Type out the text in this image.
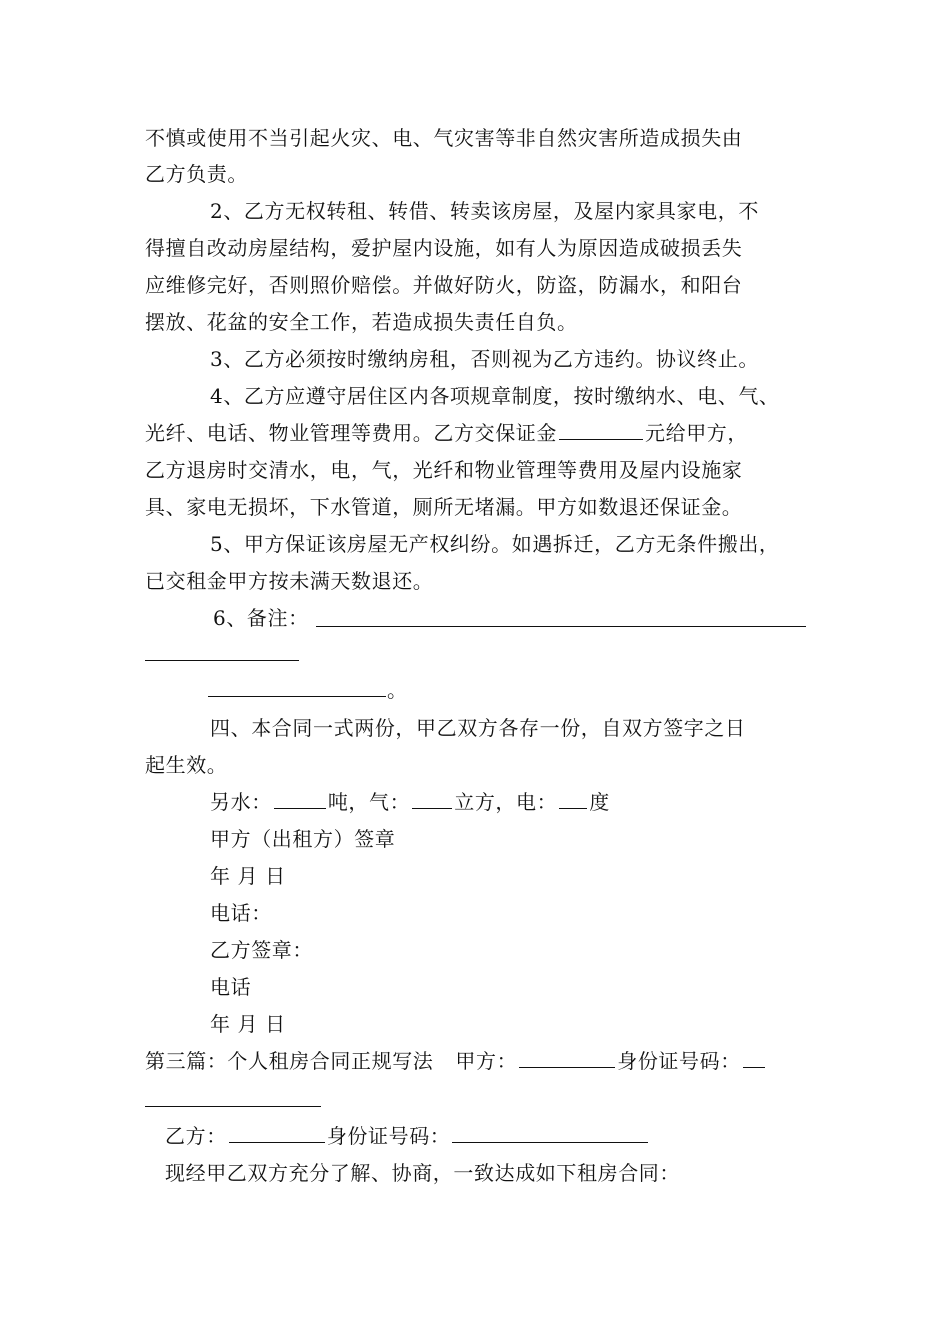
不慎或使用不当引起火灾、电、气灾害等非自然灾害所造成损失由
乙方负责。
2、乙方无权转租、转借、转卖该房屋，及屋内家具家电，不
得擅自改动房屋结构，爱护屋内设施，如有人为原因造成破损丢失
应维修完好，否则照价赔偿。并做好防火，防盗，防漏水，和阳台
摆放、花盆的安全工作，若造成损失责任自负。
3、乙方必须按时缴纳房租，否则视为乙方违约。协议终止。
4、乙方应遵守居住区内各项规章制度，按时缴纳水、电、气、
光纤、电话、物业管理等费用。乙方交保证金	元给甲方，
乙方退房时交清水，电，气，光纤和物业管理等费用及屋内设施家
具、家电无损坏，下水管道，厕所无堵漏。甲方如数退还保证金。
5、甲方保证该房屋无产权纠纷。如遇拆迁，乙方无条件搬出，
已交租金甲方按未满天数退还。
6、备注：
。
四、本合同一式两份，甲乙双方各存一份，自双方签字之日
起生效。
另水：	吨，气： 立方，电： 度
甲方（出租方）签章
年 月 日
电话：
乙方签章：
电话
年 月 日
第三篇：个人租房合同正规写法 甲方：	身份证号码：
乙方：	身份证号码：
现经甲乙双方充分了解、协商，一致达成如下租房合同：
